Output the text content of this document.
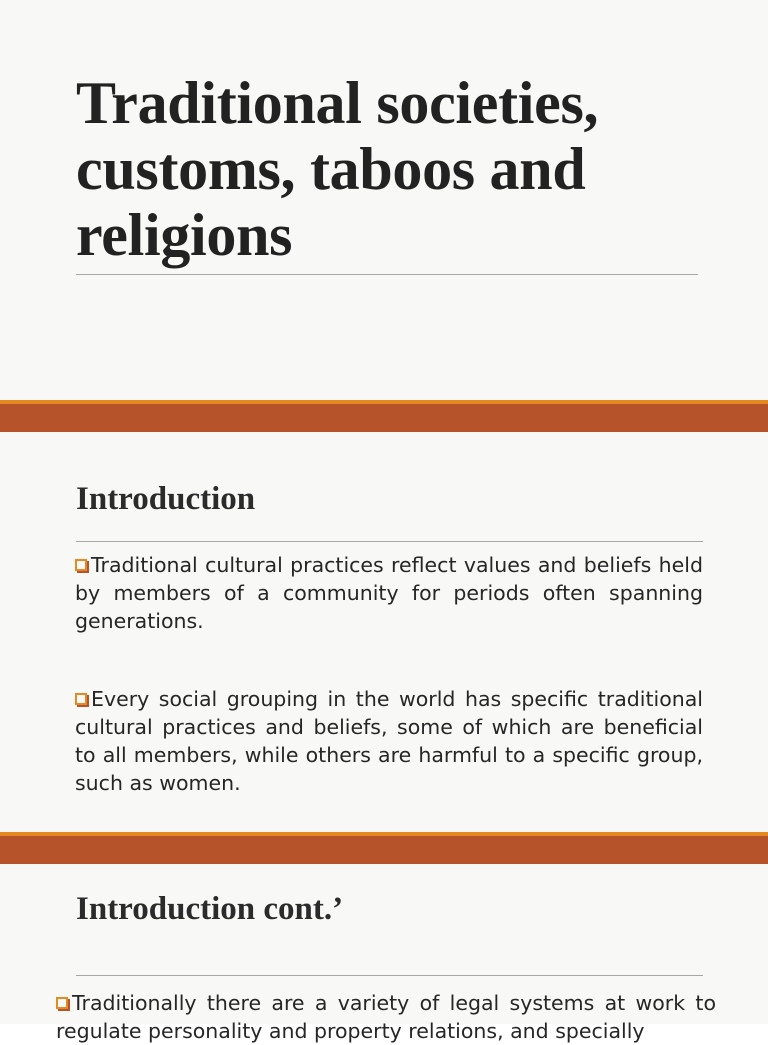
Traditional societies, customs, taboos and religions
Introduction

Traditional cultural practices reflect values and beliefs held by members of a community for periods often spanning generations.

Every social grouping in the world has specific traditional cultural practices and beliefs, some of which are beneficial to all members, while others are harmful to a specific group, such as women.

Introduction cont.’

Traditionally there are a variety of legal systems at work to regulate personality and property relations, and specially
